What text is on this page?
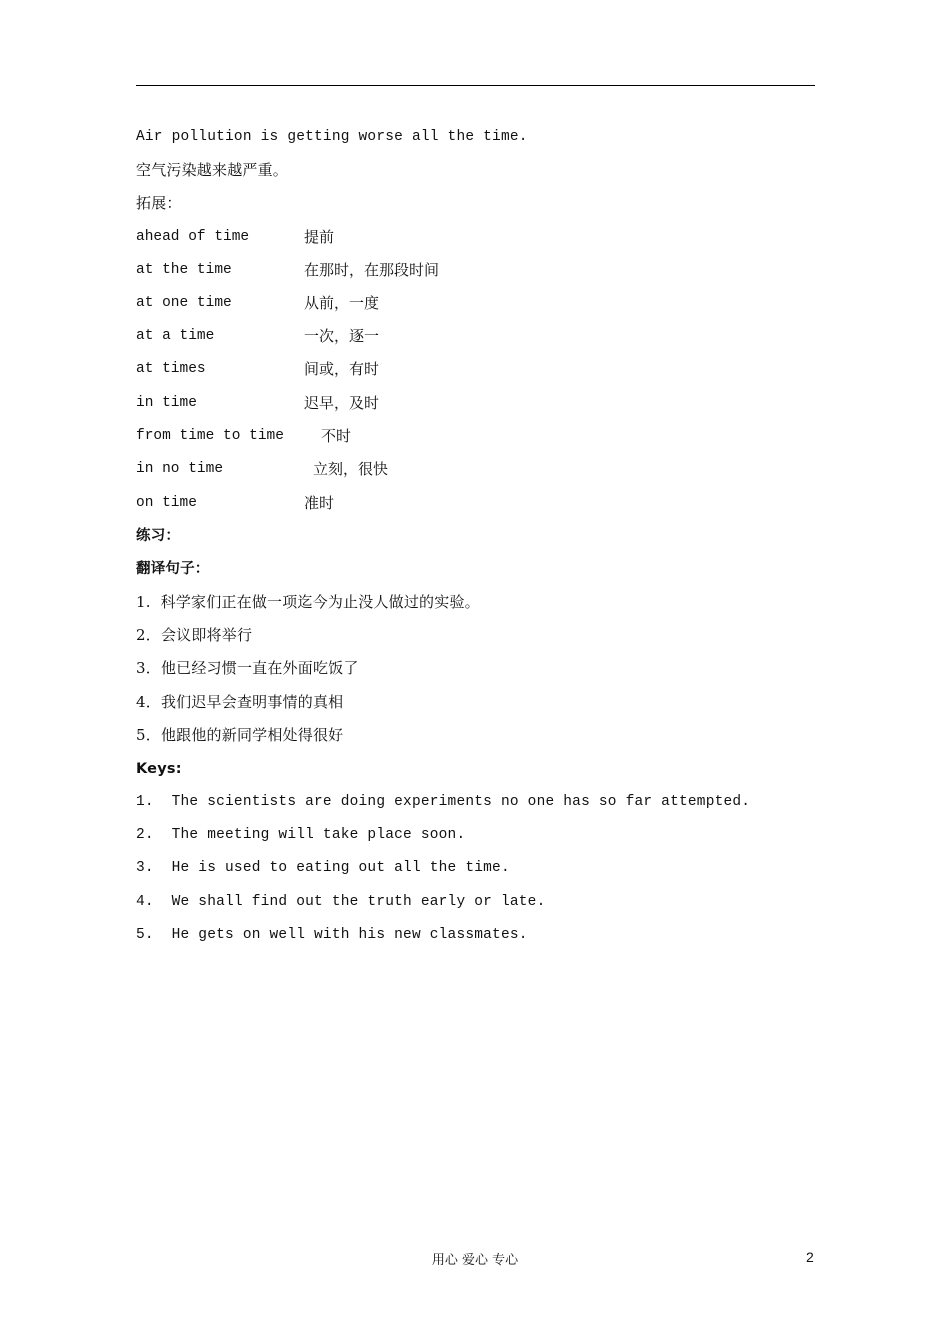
Air pollution is getting worse all the time.
空气污染越来越严重。
拓展：
ahead of time	提前
at the time	在那时，在那段时间
at one time	从前，一度
at a time	一次，逐一
at times	间或，有时
in time	迟早，及时
from time to time 不时
in no time	立刻，很快
on time	准时
练习：
翻译句子：
1.  科学家们正在做一项迄今为止没人做过的实验。
2．会议即将举行
3．他已经习惯一直在外面吃饭了
4．我们迟早会查明事情的真相
5．他跟他的新同学相处得很好
Keys:
1.  The scientists are doing experiments no one has so far attempted.
2.  The meeting will take place soon.
3.  He is used to eating out all the time.
4.  We shall find out the truth early or late.
5.  He gets on well with his new classmates.
用心 爱心 专心	2
